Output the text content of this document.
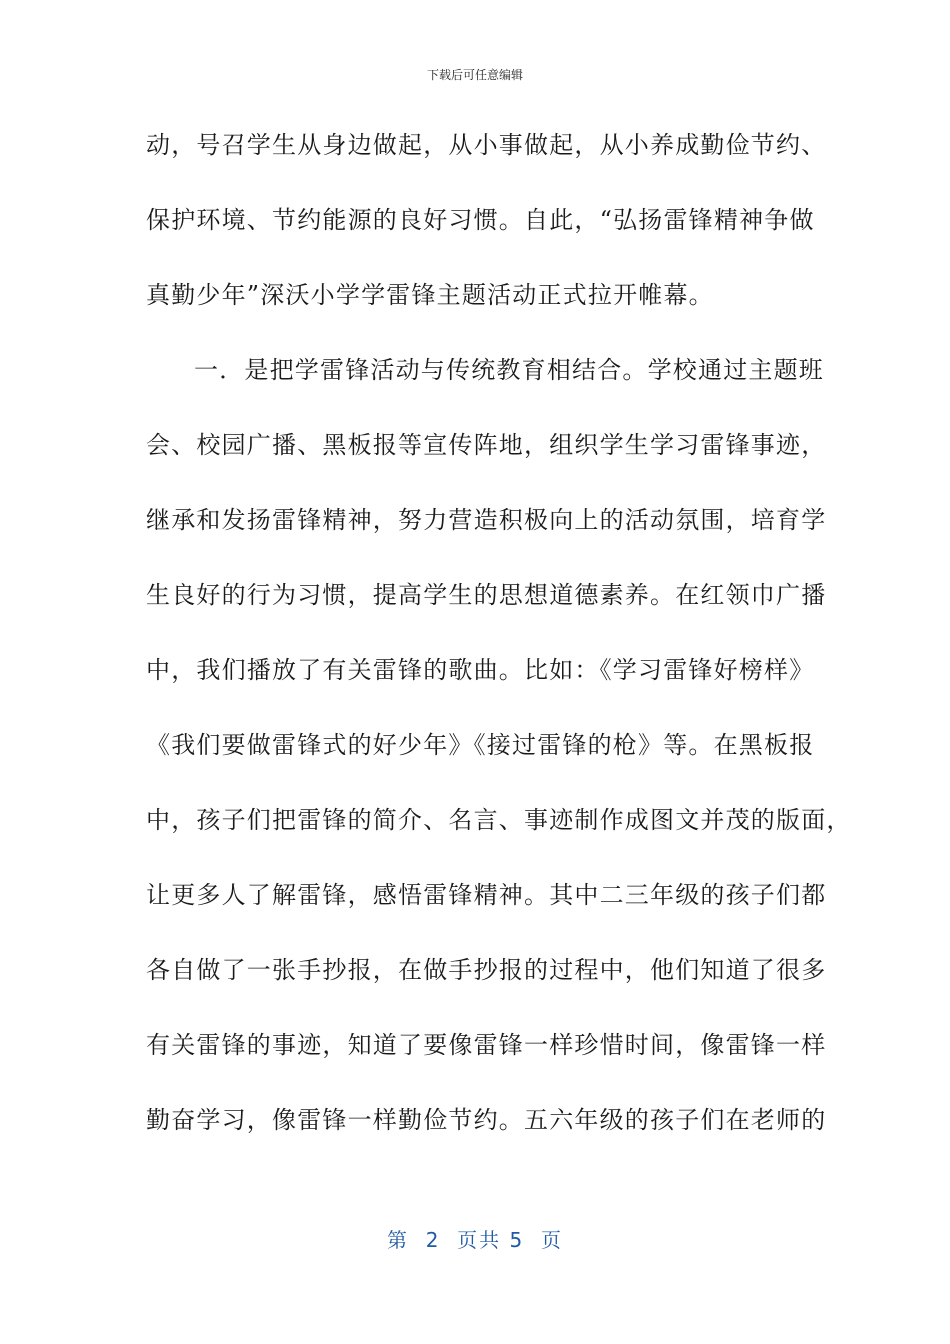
下载后可任意编辑
动，号召学生从身边做起，从小事做起，从小养成勤俭节约、
保护环境、节约能源的良好习惯。自此，“弘扬雷锋精神争做
真勤少年”深沃小学学雷锋主题活动正式拉开帷幕。
一．是把学雷锋活动与传统教育相结合。学校通过主题班
会、校园广播、黑板报等宣传阵地，组织学生学习雷锋事迹，
继承和发扬雷锋精神，努力营造积极向上的活动氛围，培育学
生良好的行为习惯，提高学生的思想道德素养。在红领巾广播
中，我们播放了有关雷锋的歌曲。比如：《学习雷锋好榜样》
《我们要做雷锋式的好少年》《接过雷锋的枪》等。在黑板报
中，孩子们把雷锋的简介、名言、事迹制作成图文并茂的版面，
让更多人了解雷锋，感悟雷锋精神。其中二三年级的孩子们都
各自做了一张手抄报，在做手抄报的过程中，他们知道了很多
有关雷锋的事迹，知道了要像雷锋一样珍惜时间，像雷锋一样
勤奋学习，像雷锋一样勤俭节约。五六年级的孩子们在老师的
第  2  页共 5  页
